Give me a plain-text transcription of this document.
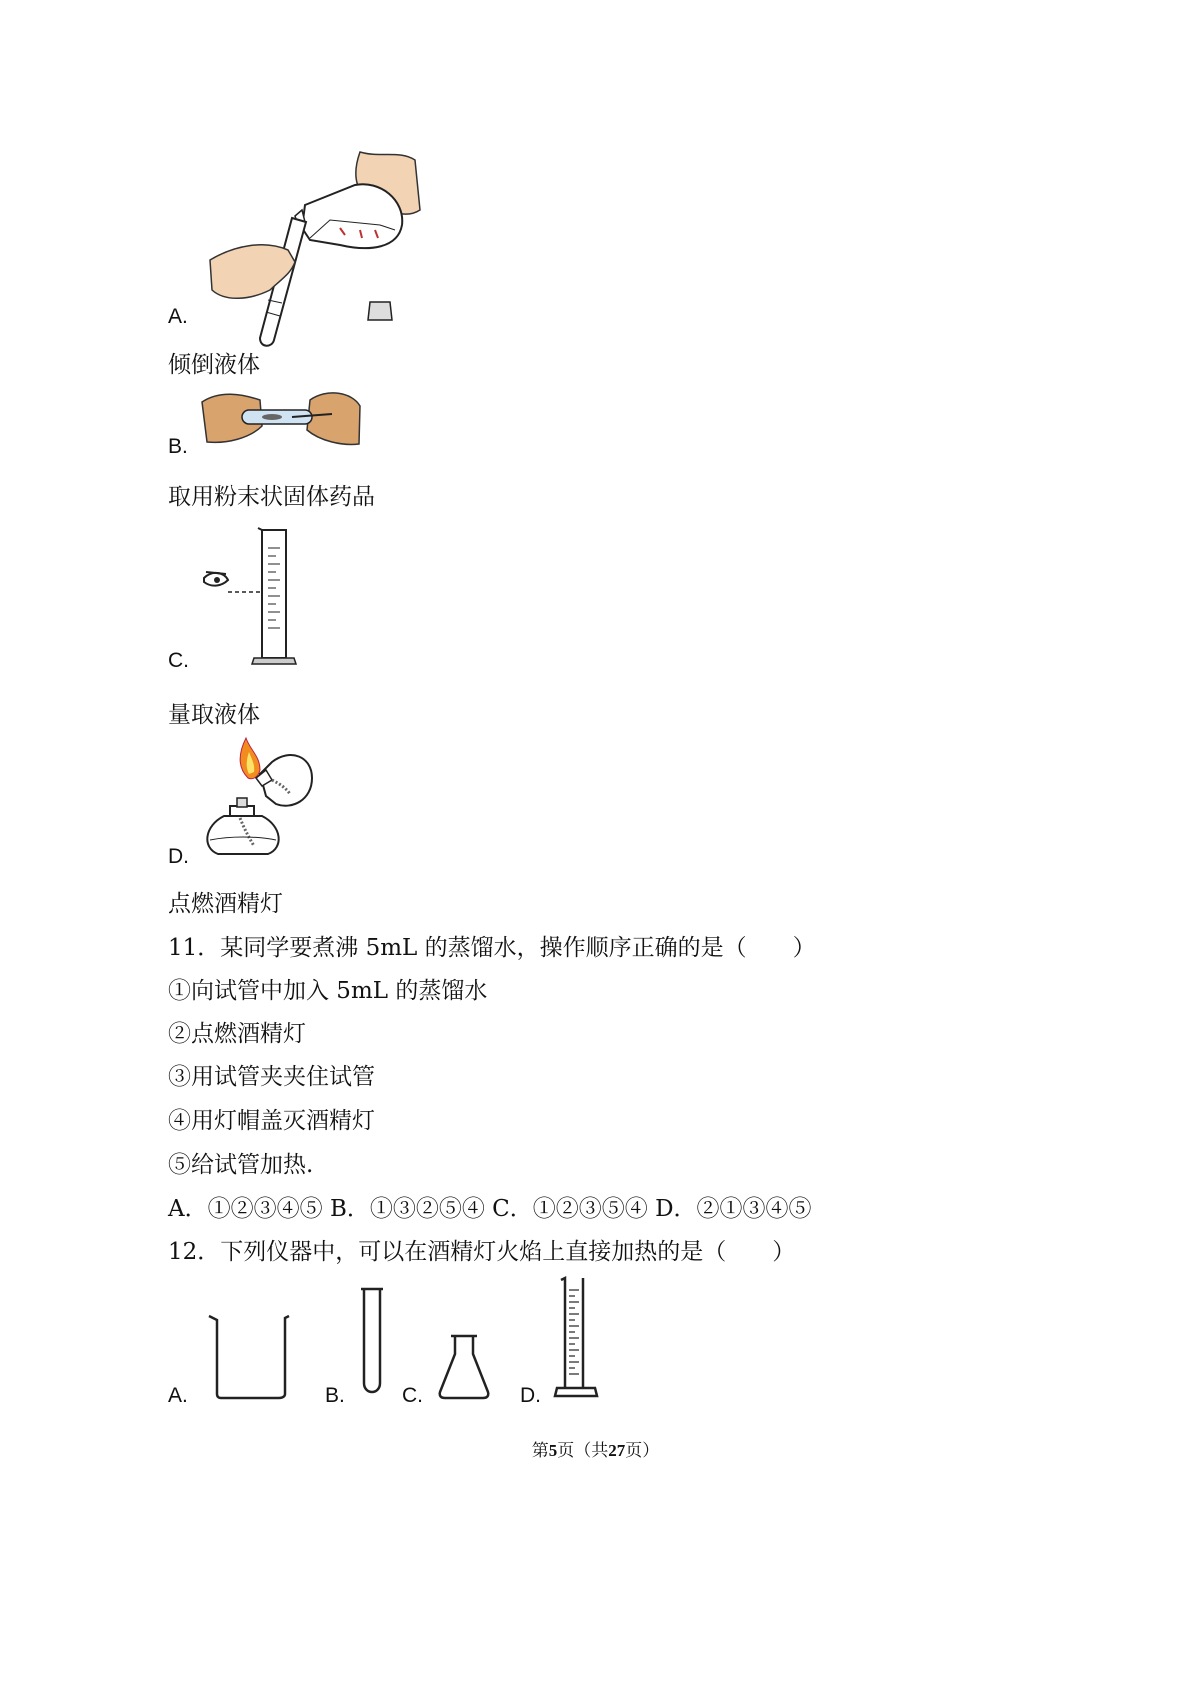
A.
倾倒液体
B.
取用粉末状固体药品
C.
量取液体
D.
点燃酒精灯
11．某同学要煮沸 5mL 的蒸馏水，操作顺序正确的是（　　）
①向试管中加入 5mL 的蒸馏水
②点燃酒精灯
③用试管夹夹住试管
④用灯帽盖灭酒精灯
⑤给试管加热.
A．①②③④⑤ B．①③②⑤④ C．①②③⑤④ D．②①③④⑤
12．下列仪器中，可以在酒精灯火焰上直接加热的是（　　）
A.	B.	C.	D.
第5页（共27页）
